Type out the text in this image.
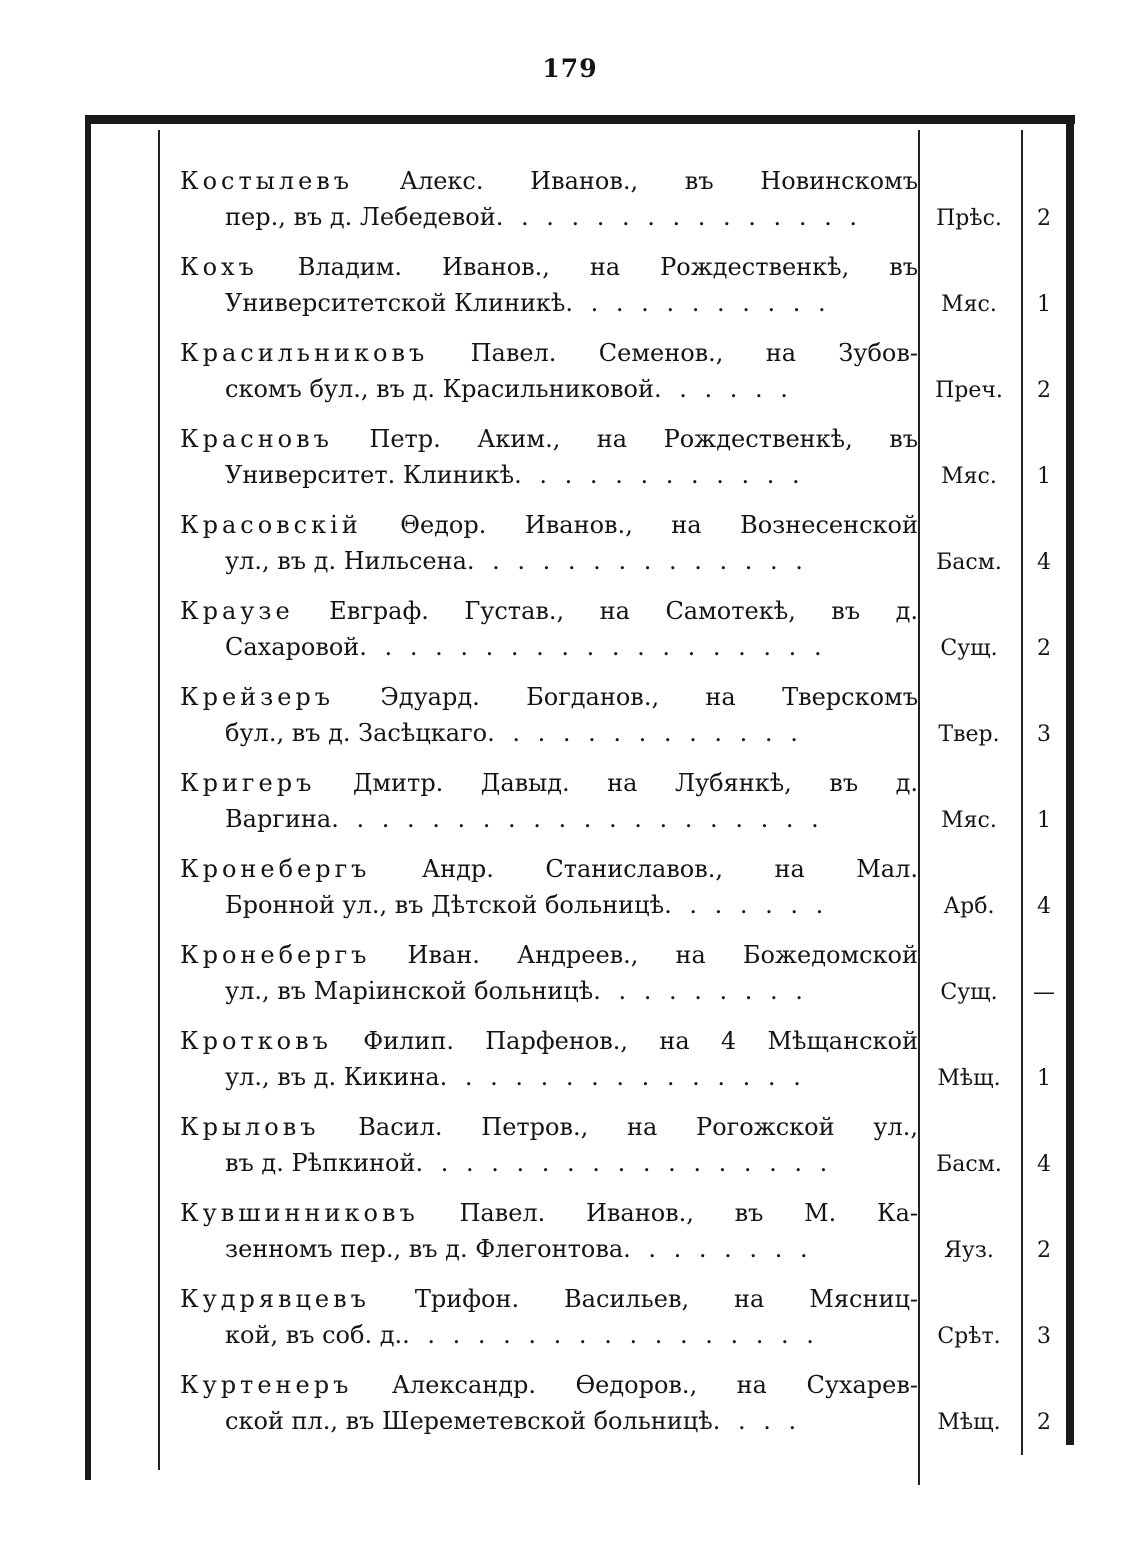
179
Костылевъ Алекс. Иванов., въ Новинскомъ
пер., въ д. Лебедевой. . . . . . . . . . . . . . .	Прѣс.	2
Кохъ Владим. Иванов., на Рождественкѣ, въ
Университетской Клиникѣ. . . . . . . . . . .	Мяс.	1
Красильниковъ Павел. Семенов., на Зубов-
скомъ бул., въ д. Красильниковой. . . . . .	Преч.	2
Красновъ Петр. Аким., на Рождественкѣ, въ
Университет. Клиникѣ. . . . . . . . . . . .	Мяс.	1
Красовскій Θедор. Иванов., на Вознесенской
ул., въ д. Нильсена. . . . . . . . . . . . . .	Басм.	4
Краузе Евграф. Густав., на Самотекѣ, въ д.
Сахаровой. . . . . . . . . . . . . . . . . . .	Сущ.	2
Крейзеръ Эдуард. Богданов., на Тверскомъ
бул., въ д. Засѣцкаго. . . . . . . . . . . . .	Твер.	3
Кригеръ Дмитр. Давыд. на Лубянкѣ, въ д.
Варгина. . . . . . . . . . . . . . . . . . . .	Мяс.	1
Кронебергъ Андр. Станиславов., на Мал.
Бронной ул., въ Дѣтской больницѣ. . . . . . .	Арб.	4
Кронебергъ Иван. Андреев., на Божедомской
ул., въ Маріинской больницѣ. . . . . . . . .	Сущ.	—
Кротковъ Филип. Парфенов., на 4 Мѣщанской
ул., въ д. Кикина. . . . . . . . . . . . . . .	Мѣщ.	1
Крыловъ Васил. Петров., на Рогожской ул.,
въ д. Рѣпкиной. . . . . . . . . . . . . . . . .	Басм.	4
Кувшинниковъ Павел. Иванов., въ М. Ка-
зенномъ пер., въ д. Флегонтова. . . . . . . .	Яуз.	2
Кудрявцевъ Трифон. Васильев, на Мясниц-
кой, въ соб. д.. . . . . . . . . . . . . . . . .	Срѣт.	3
Куртенеръ Александр. Өедоров., на Сухарев-
ской пл., въ Шереметевской больницѣ. . . .	Мѣщ.	2
